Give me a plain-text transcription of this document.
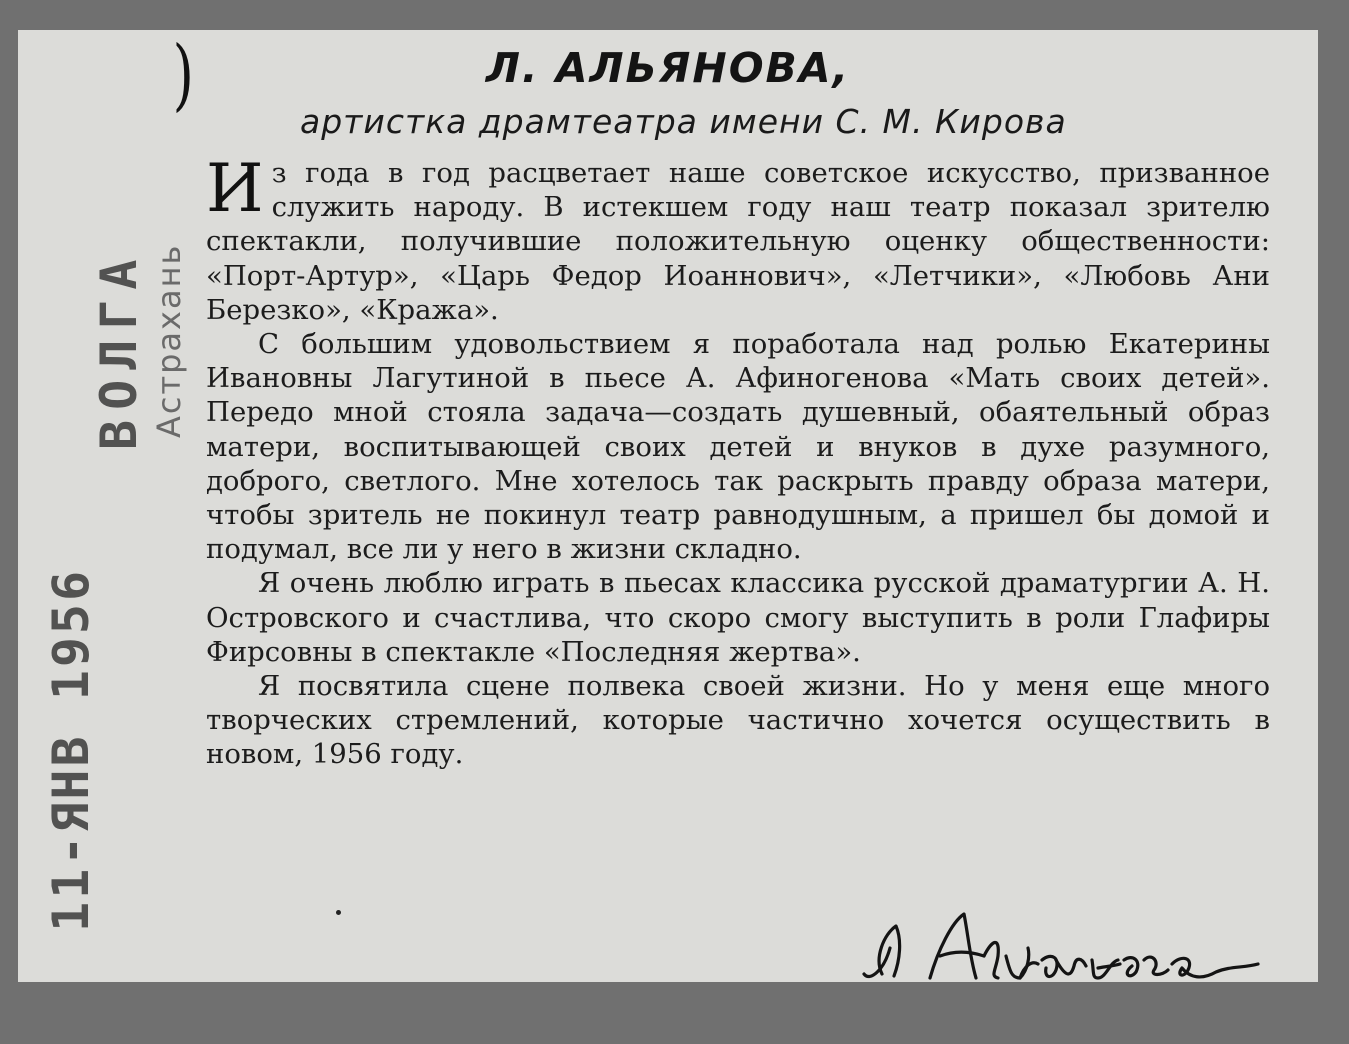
)	Л. АЛЬЯНОВА,
артистка драмтеатра имени С. М. Кирова
11-ЯНВ 1956
ВОЛГА Астрахань

Из года в год расцветает наше советское искусство, призванное служить народу. В истекшем году наш театр показал зрителю спектакли, получившие положительную оценку общественности: «Порт-Артур», «Царь Федор Иоаннович», «Летчики», «Любовь Ани Березко», «Кража».

С большим удовольствием я поработала над ролью Екатерины Ивановны Лагутиной в пьесе А. Афиногенова «Мать своих детей». Передо мной стояла задача—создать душевный, обаятельный образ матери, воспитывающей своих детей и внуков в духе разумного, доброго, светлого. Мне хотелось так раскрыть правду образа матери, чтобы зритель не покинул театр равнодушным, а пришел бы домой и подумал, все ли у него в жизни складно.

Я очень люблю играть в пьесах классика русской драматургии А. Н. Островского и счастлива, что скоро смогу выступить в роли Глафиры Фирсовны в спектакле «Последняя жертва».

Я посвятила сцене полвека своей жизни. Но у меня еще много творческих стремлений, которые частично хочется осуществить в новом, 1956 году.
